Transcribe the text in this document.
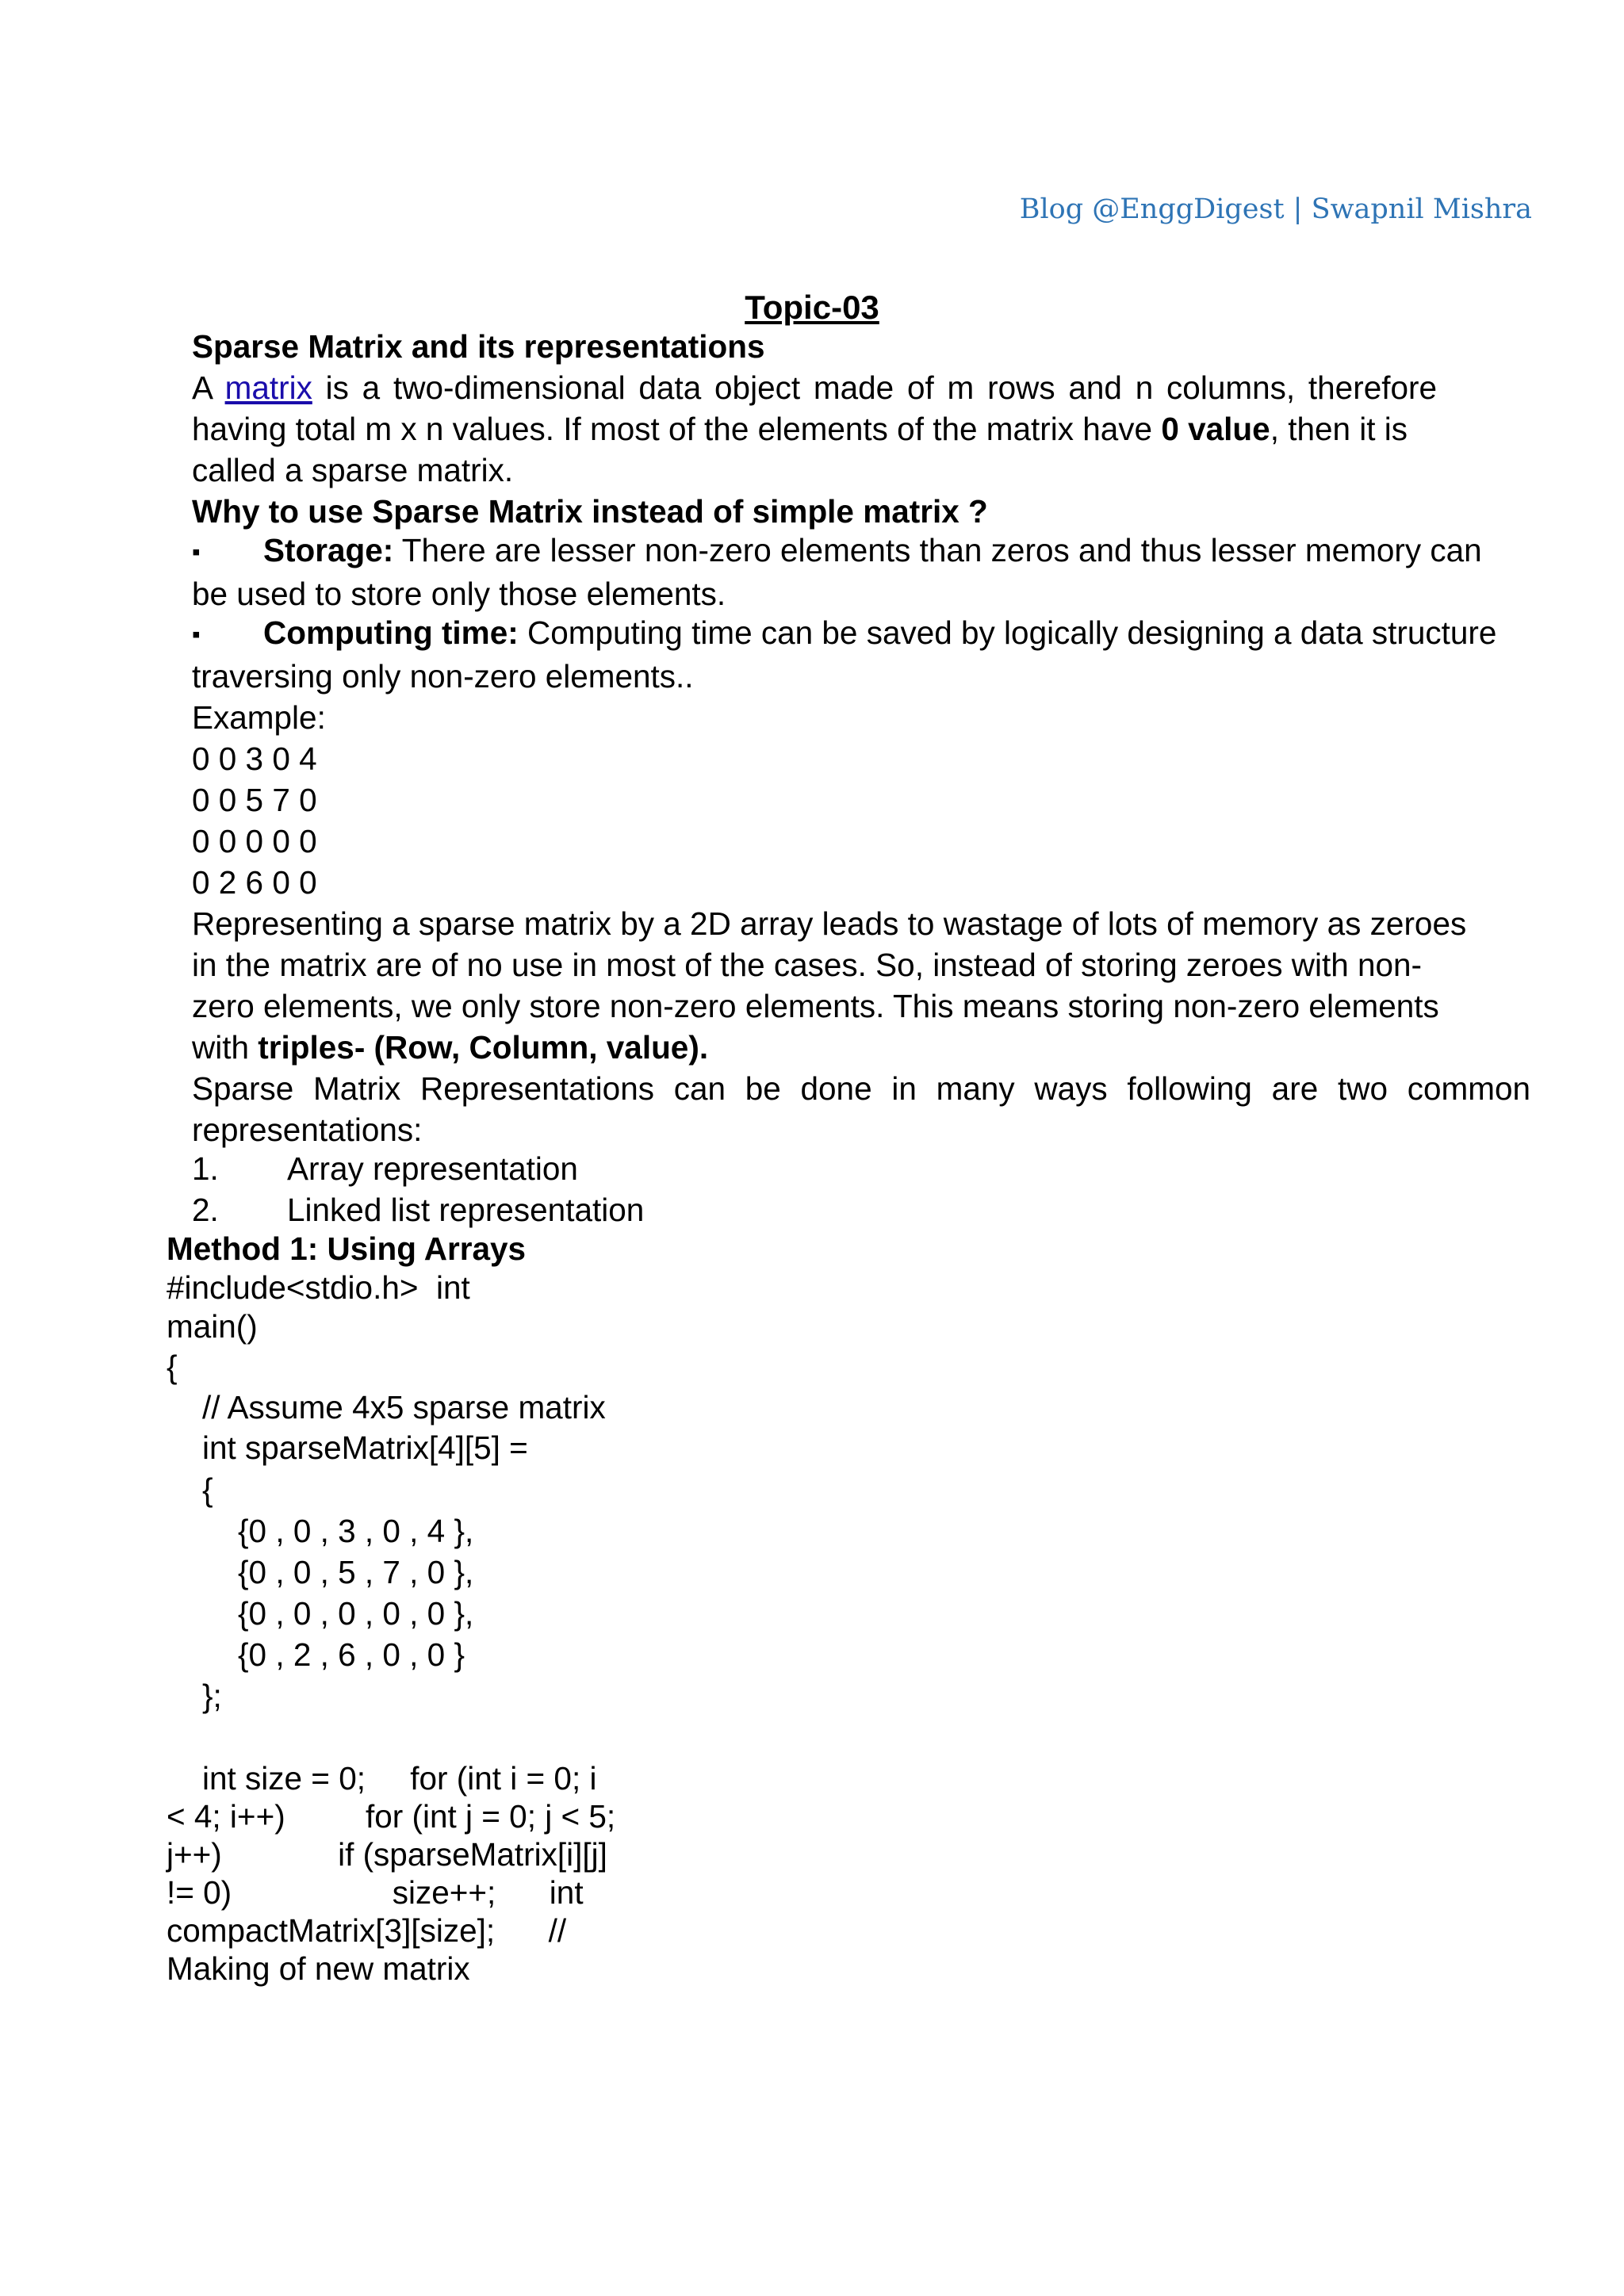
Blog @EnggDigest | Swapnil Mishra
Topic-03
Sparse Matrix and its representations
A matrix is a two-dimensional data object made of m rows and n columns, therefore
having total m x n values. If most of the elements of the matrix have 0 value, then it is
called a sparse matrix.
Why to use Sparse Matrix instead of simple matrix ?
▪ Storage: There are lesser non-zero elements than zeros and thus lesser memory can
be used to store only those elements.
▪ Computing time: Computing time can be saved by logically designing a data structure
traversing only non-zero elements..
Example:
0 0 3 0 4
0 0 5 7 0
0 0 0 0 0
0 2 6 0 0
Representing a sparse matrix by a 2D array leads to wastage of lots of memory as zeroes
in the matrix are of no use in most of the cases. So, instead of storing zeroes with non-
zero elements, we only store non-zero elements. This means storing non-zero elements
with triples- (Row, Column, value).
Sparse Matrix Representations can be done in many ways following are two common
representations:
1. Array representation
2. Linked list representation
Method 1: Using Arrays
#include<stdio.h>  int
main()
{
// Assume 4x5 sparse matrix
int sparseMatrix[4][5] =
{
{0 , 0 , 3 , 0 , 4 },
{0 , 0 , 5 , 7 , 0 },
{0 , 0 , 0 , 0 , 0 },
{0 , 2 , 6 , 0 , 0 }
};
int size = 0;     for (int i = 0; i
< 4; i++)         for (int j = 0; j < 5;
j++)             if (sparseMatrix[i][j]
!= 0)                  size++;      int
compactMatrix[3][size];      //
Making of new matrix
